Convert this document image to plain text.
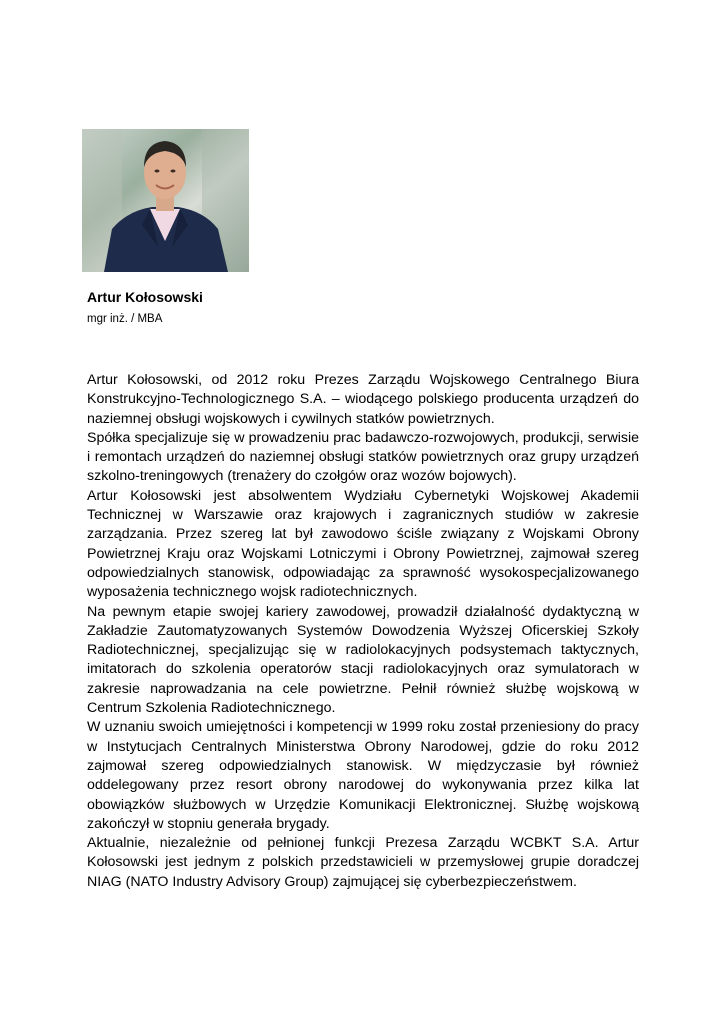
Artur Kołosowski
mgr inż. / MBA

Artur Kołosowski, od 2012 roku Prezes Zarządu Wojskowego Centralnego Biura Konstrukcyjno-Technologicznego S.A. – wiodącego polskiego producenta urządzeń do naziemnej obsługi wojskowych i cywilnych statków powietrznych.

Spółka specjalizuje się w prowadzeniu prac badawczo-rozwojowych, produkcji, serwisie i remontach urządzeń do naziemnej obsługi statków powietrznych oraz grupy urządzeń szkolno-treningowych (trenażery do czołgów oraz wozów bojowych).

Artur Kołosowski jest absolwentem Wydziału Cybernetyki Wojskowej Akademii Technicznej w Warszawie oraz krajowych i zagranicznych studiów w zakresie zarządzania. Przez szereg lat był zawodowo ściśle związany z Wojskami Obrony Powietrznej Kraju oraz Wojskami Lotniczymi i Obrony Powietrznej, zajmował szereg odpowiedzialnych stanowisk, odpowiadając za sprawność wysokospecjalizowanego wyposażenia technicznego wojsk radiotechnicznych.

Na pewnym etapie swojej kariery zawodowej, prowadził działalność dydaktyczną w Zakładzie Zautomatyzowanych Systemów Dowodzenia Wyższej Oficerskiej Szkoły Radiotechnicznej, specjalizując się w radiolokacyjnych podsystemach taktycznych, imitatorach do szkolenia operatorów stacji radiolokacyjnych oraz symulatorach w zakresie naprowadzania na cele powietrzne. Pełnił również służbę wojskową w Centrum Szkolenia Radiotechnicznego.

W uznaniu swoich umiejętności i kompetencji w 1999 roku został przeniesiony do pracy w Instytucjach Centralnych Ministerstwa Obrony Narodowej, gdzie do roku 2012 zajmował szereg odpowiedzialnych stanowisk. W międzyczasie był również oddelegowany przez resort obrony narodowej do wykonywania przez kilka lat obowiązków służbowych w Urzędzie Komunikacji Elektronicznej. Służbę wojskową zakończył w stopniu generała brygady.

Aktualnie, niezależnie od pełnionej funkcji Prezesa Zarządu WCBKT S.A. Artur Kołosowski jest jednym z polskich przedstawicieli w przemysłowej grupie doradczej NIAG (NATO Industry Advisory Group) zajmującej się cyberbezpieczeństwem.
